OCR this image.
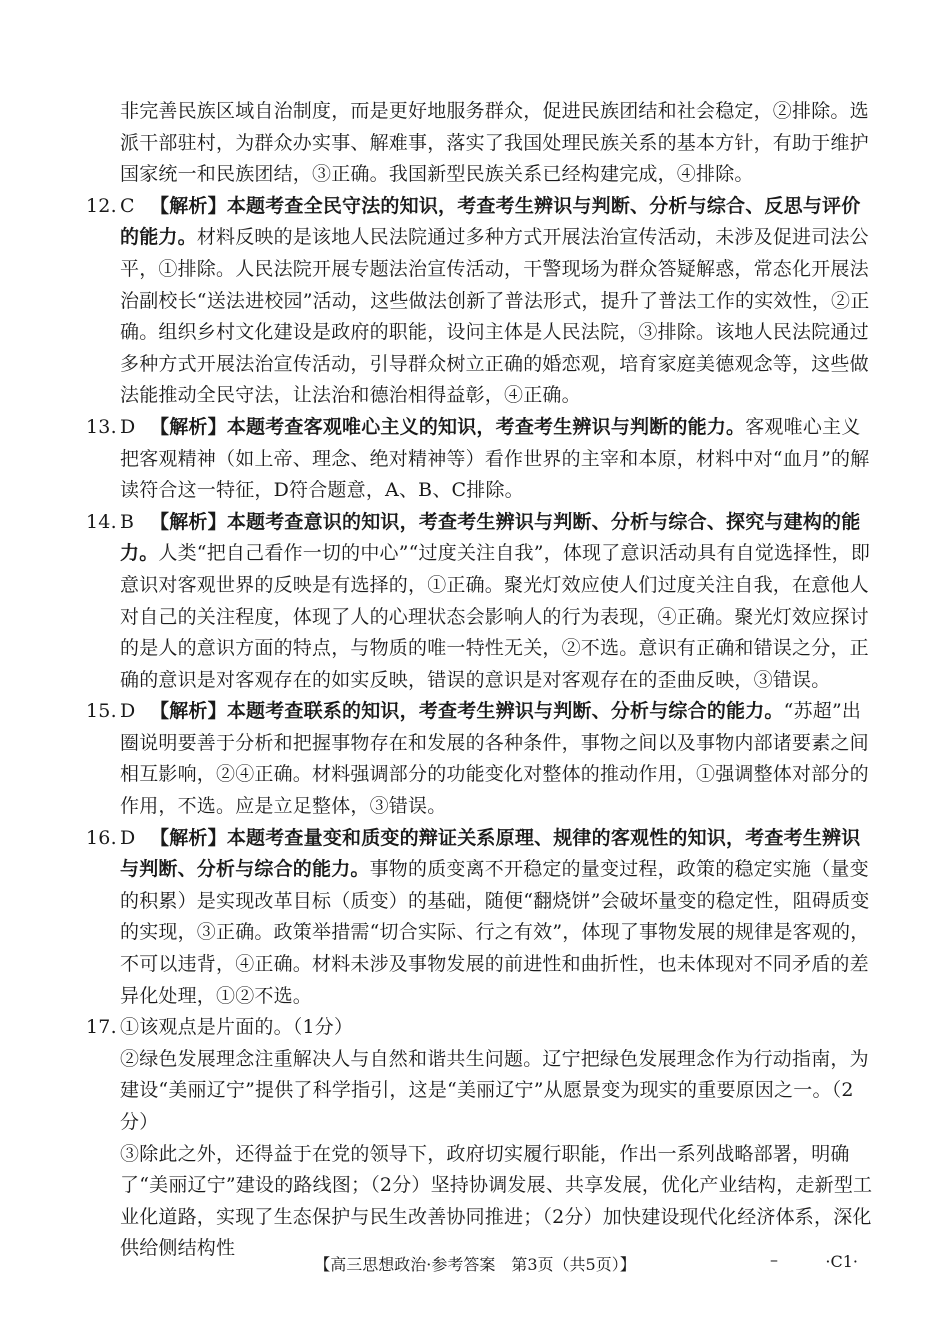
非完善民族区域自治制度，而是更好地服务群众，促进民族团结和社会稳定，②排除。选派干部驻村，为群众办实事、解难事，落实了我国处理民族关系的基本方针，有助于维护国家统一和民族团结，③正确。我国新型民族关系已经构建完成，④排除。

12. C 【解析】本题考查全民守法的知识，考查考生辨识与判断、分析与综合、反思与评价的能力。材料反映的是该地人民法院通过多种方式开展法治宣传活动，未涉及促进司法公平，①排除。人民法院开展专题法治宣传活动，干警现场为群众答疑解惑，常态化开展法治副校长“送法进校园”活动，这些做法创新了普法形式，提升了普法工作的实效性，②正确。组织乡村文化建设是政府的职能，设问主体是人民法院，③排除。该地人民法院通过多种方式开展法治宣传活动，引导群众树立正确的婚恋观，培育家庭美德观念等，这些做法能推动全民守法，让法治和德治相得益彰，④正确。
13. D 【解析】本题考查客观唯心主义的知识，考查考生辨识与判断的能力。客观唯心主义把客观精神（如上帝、理念、绝对精神等）看作世界的主宰和本原，材料中对“血月”的解读符合这一特征，D符合题意，A、B、C排除。
14. B 【解析】本题考查意识的知识，考查考生辨识与判断、分析与综合、探究与建构的能力。人类“把自己看作一切的中心”“过度关注自我”，体现了意识活动具有自觉选择性，即意识对客观世界的反映是有选择的，①正确。聚光灯效应使人们过度关注自我，在意他人对自己的关注程度，体现了人的心理状态会影响人的行为表现，④正确。聚光灯效应探讨的是人的意识方面的特点，与物质的唯一特性无关，②不选。意识有正确和错误之分，正确的意识是对客观存在的如实反映，错误的意识是对客观存在的歪曲反映，③错误。
15. D 【解析】本题考查联系的知识，考查考生辨识与判断、分析与综合的能力。“苏超”出圈说明要善于分析和把握事物存在和发展的各种条件，事物之间以及事物内部诸要素之间相互影响，②④正确。材料强调部分的功能变化对整体的推动作用，①强调整体对部分的作用，不选。应是立足整体，③错误。
16. D 【解析】本题考查量变和质变的辩证关系原理、规律的客观性的知识，考查考生辨识与判断、分析与综合的能力。事物的质变离不开稳定的量变过程，政策的稳定实施（量变的积累）是实现改革目标（质变）的基础，随便“翻烧饼”会破坏量变的稳定性，阻碍质变的实现，③正确。政策举措需“切合实际、行之有效”，体现了事物发展的规律是客观的，不可以违背，④正确。材料未涉及事物发展的前进性和曲折性，也未体现对不同矛盾的差异化处理，①②不选。
17. ①该观点是片面的。（1分）

②绿色发展理念注重解决人与自然和谐共生问题。辽宁把绿色发展理念作为行动指南，为建设“美丽辽宁”提供了科学指引，这是“美丽辽宁”从愿景变为现实的重要原因之一。（2分）

③除此之外，还得益于在党的领导下，政府切实履行职能，作出一系列战略部署，明确了“美丽辽宁”建设的路线图；（2分）坚持协调发展、共享发展，优化产业结构，走新型工业化道路，实现了生态保护与民生改善协同推进；（2分）加快建设现代化经济体系，深化供给侧结构性

【高三思想政治·参考答案　第3页（共5页）】	–	·C1·
